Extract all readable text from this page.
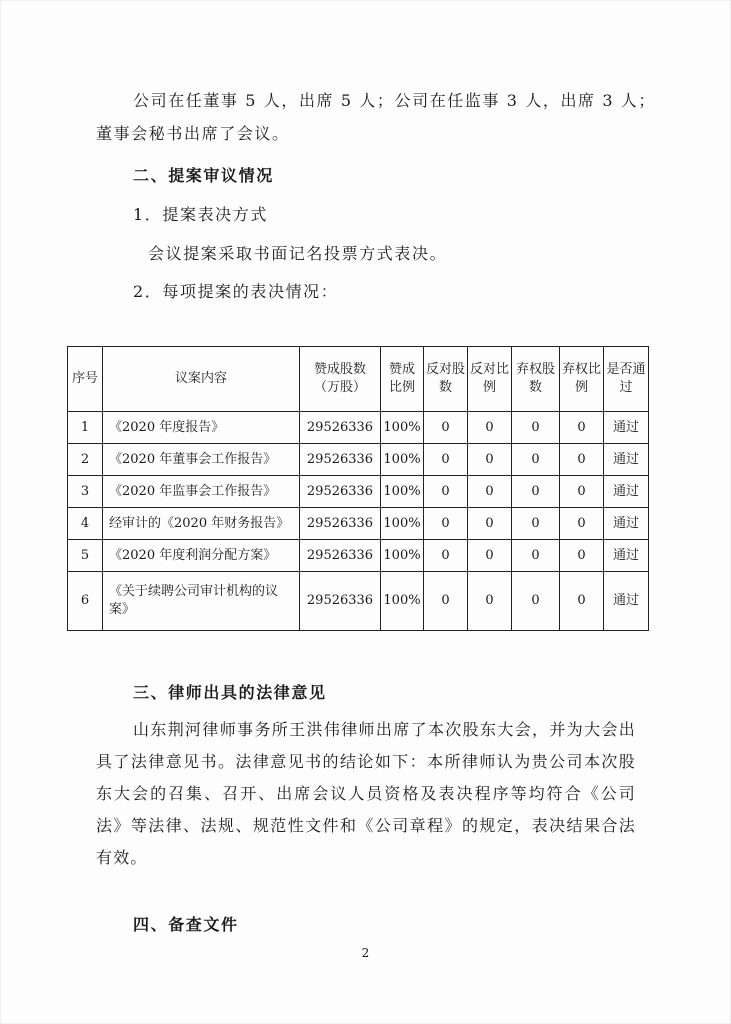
公司在任董事 5 人，出席 5 人；公司在任监事 3 人，出席 3 人；
董事会秘书出席了会议。
二、提案审议情况
1．提案表决方式
会议提案采取书面记名投票方式表决。
2．每项提案的表决情况：
序号	议案内容	赞成股数（万股）	赞成比例	反对股数	反对比例	弃权股数	弃权比例	是否通过
1	《2020 年度报告》	29526336	100%	0	0	0	0	通过
2	《2020 年董事会工作报告》	29526336	100%	0	0	0	0	通过
3	《2020 年监事会工作报告》	29526336	100%	0	0	0	0	通过
4	经审计的《2020 年财务报告》	29526336	100%	0	0	0	0	通过
5	《2020 年度利润分配方案》	29526336	100%	0	0	0	0	通过
6	《关于续聘公司审计机构的议案》	29526336	100%	0	0	0	0	通过
三、律师出具的法律意见
山东荆河律师事务所王洪伟律师出席了本次股东大会，并为大会出具了法律意见书。法律意见书的结论如下：本所律师认为贵公司本次股东大会的召集、召开、出席会议人员资格及表决程序等均符合《公司法》等法律、法规、规范性文件和《公司章程》的规定，表决结果合法有效。
四、备查文件
2
